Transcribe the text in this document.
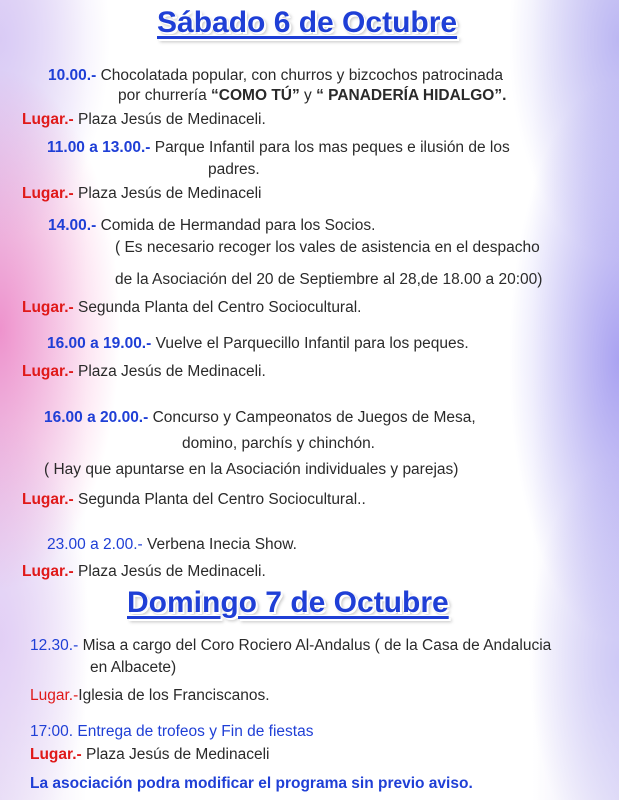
Sábado 6 de Octubre
10.00.- Chocolatada popular, con churros y bizcochos patrocinada
por churrería “COMO TÚ” y “ PANADERÍA HIDALGO”.
Lugar.- Plaza Jesús de Medinaceli.
11.00 a 13.00.- Parque Infantil para los mas peques e ilusión de los
padres.
Lugar.- Plaza Jesús de Medinaceli
14.00.- Comida de Hermandad para los Socios.
( Es necesario recoger los vales de asistencia en el despacho
de la Asociación del 20 de Septiembre al 28,de 18.00 a 20:00)
Lugar.- Segunda Planta del Centro Sociocultural.
16.00 a 19.00.- Vuelve el Parquecillo Infantil para los peques.
Lugar.- Plaza Jesús de Medinaceli.
16.00 a 20.00.- Concurso y Campeonatos de Juegos de Mesa,
domino, parchís y chinchón.
( Hay que apuntarse en la Asociación individuales y parejas)
Lugar.- Segunda Planta del Centro Sociocultural..
23.00 a 2.00.- Verbena Inecia Show.
Lugar.- Plaza Jesús de Medinaceli.
Domingo 7 de Octubre
12.30.- Misa a cargo del Coro Rociero Al-Andalus ( de la Casa de Andalucia
en Albacete)
Lugar.-Iglesia de los Franciscanos.
17:00. Entrega de trofeos y Fin de fiestas
Lugar.- Plaza Jesús de Medinaceli
La asociación podra modificar el programa sin previo aviso.
